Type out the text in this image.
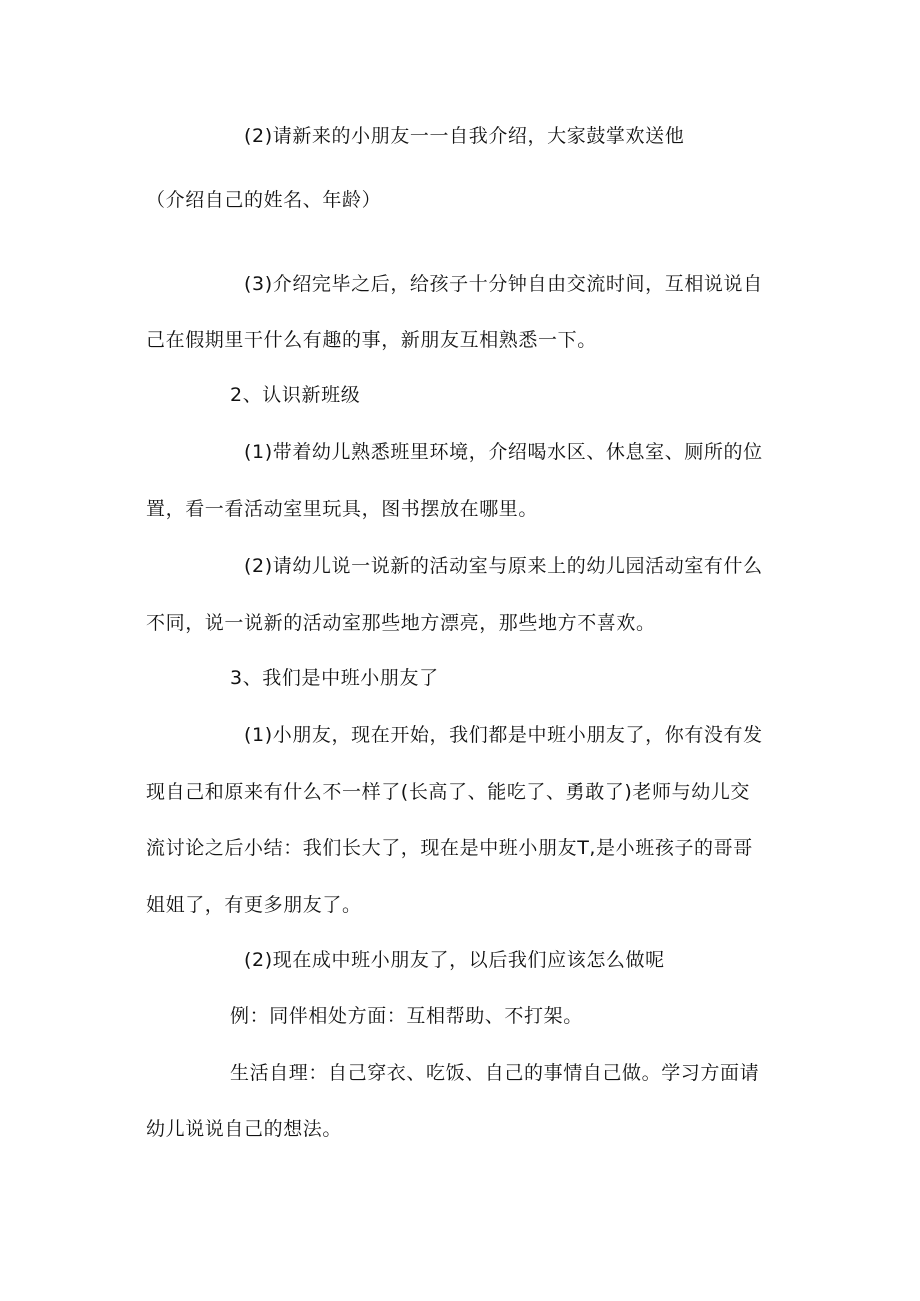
(2)请新来的小朋友一一自我介绍，大家鼓掌欢送他
（介绍自己的姓名、年龄）
(3)介绍完毕之后，给孩子十分钟自由交流时间，互相说说自
己在假期里干什么有趣的事，新朋友互相熟悉一下。
2、认识新班级
(1)带着幼儿熟悉班里环境，介绍喝水区、休息室、厕所的位
置，看一看活动室里玩具，图书摆放在哪里。
(2)请幼儿说一说新的活动室与原来上的幼儿园活动室有什么
不同，说一说新的活动室那些地方漂亮，那些地方不喜欢。
3、我们是中班小朋友了
(1)小朋友，现在开始，我们都是中班小朋友了，你有没有发
现自己和原来有什么不一样了(长高了、能吃了、勇敢了)老师与幼儿交
流讨论之后小结：我们长大了，现在是中班小朋友T,是小班孩子的哥哥
姐姐了，有更多朋友了。
(2)现在成中班小朋友了，以后我们应该怎么做呢
例：同伴相处方面：互相帮助、不打架。
生活自理：自己穿衣、吃饭、自己的事情自己做。学习方面请
幼儿说说自己的想法。
